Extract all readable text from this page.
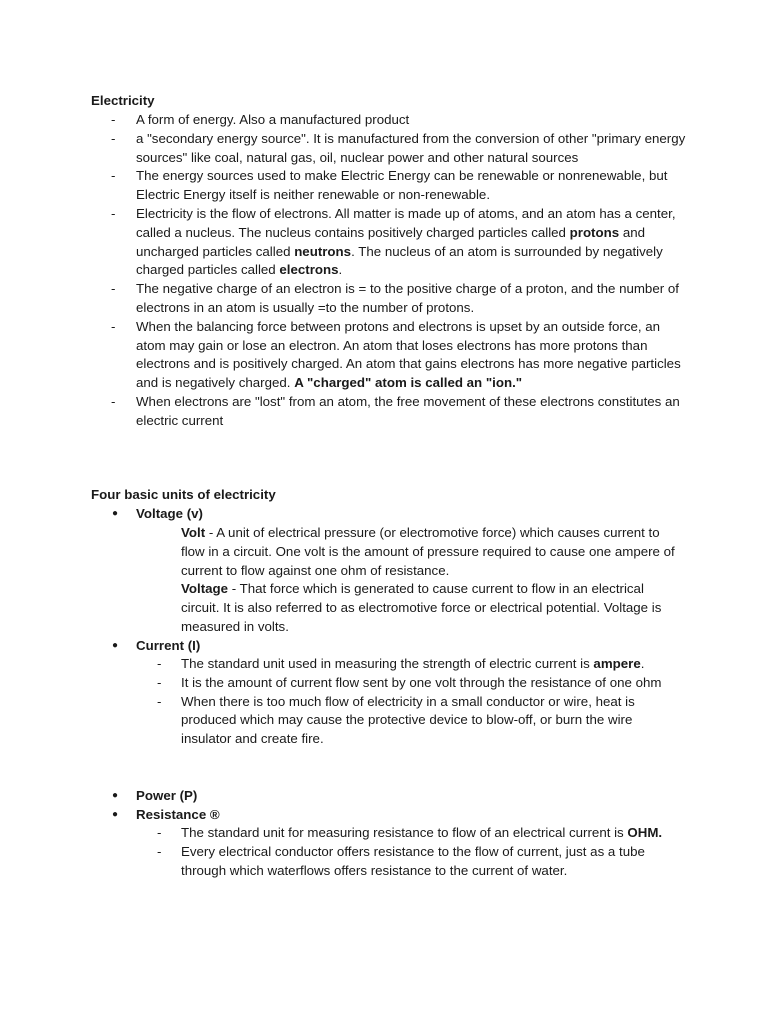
Electricity
- A form of energy. Also a manufactured product
- a "secondary energy source". It is manufactured from the conversion of other "primary energy sources" like coal, natural gas, oil, nuclear power and other natural sources
- The energy sources used to make Electric Energy can be renewable or nonrenewable, but Electric Energy itself is neither renewable or non-renewable.
- Electricity is the flow of electrons. All matter is made up of atoms, and an atom has a center, called a nucleus. The nucleus contains positively charged particles called protons and uncharged particles called neutrons. The nucleus of an atom is surrounded by negatively charged particles called electrons.
- The negative charge of an electron is = to the positive charge of a proton, and the number of electrons in an atom is usually =to the number of protons.
- When the balancing force between protons and electrons is upset by an outside force, an atom may gain or lose an electron. An atom that loses electrons has more protons than electrons and is positively charged. An atom that gains electrons has more negative particles and is negatively charged. A "charged" atom is called an "ion."
- When electrons are "lost" from an atom, the free movement of these electrons constitutes an electric current
Four basic units of electricity
● Voltage (v)
Volt - A unit of electrical pressure (or electromotive force) which causes current to flow in a circuit. One volt is the amount of pressure required to cause one ampere of current to flow against one ohm of resistance.
Voltage - That force which is generated to cause current to flow in an electrical circuit. It is also referred to as electromotive force or electrical potential. Voltage is measured in volts.
● Current (I)
- The standard unit used in measuring the strength of electric current is ampere.
- It is the amount of current flow sent by one volt through the resistance of one ohm
- When there is too much flow of electricity in a small conductor or wire, heat is produced which may cause the protective device to blow-off, or burn the wire insulator and create fire.
● Power (P)
● Resistance ®
- The standard unit for measuring resistance to flow of an electrical current is OHM.
- Every electrical conductor offers resistance to the flow of current, just as a tube through which waterflows offers resistance to the current of water.
